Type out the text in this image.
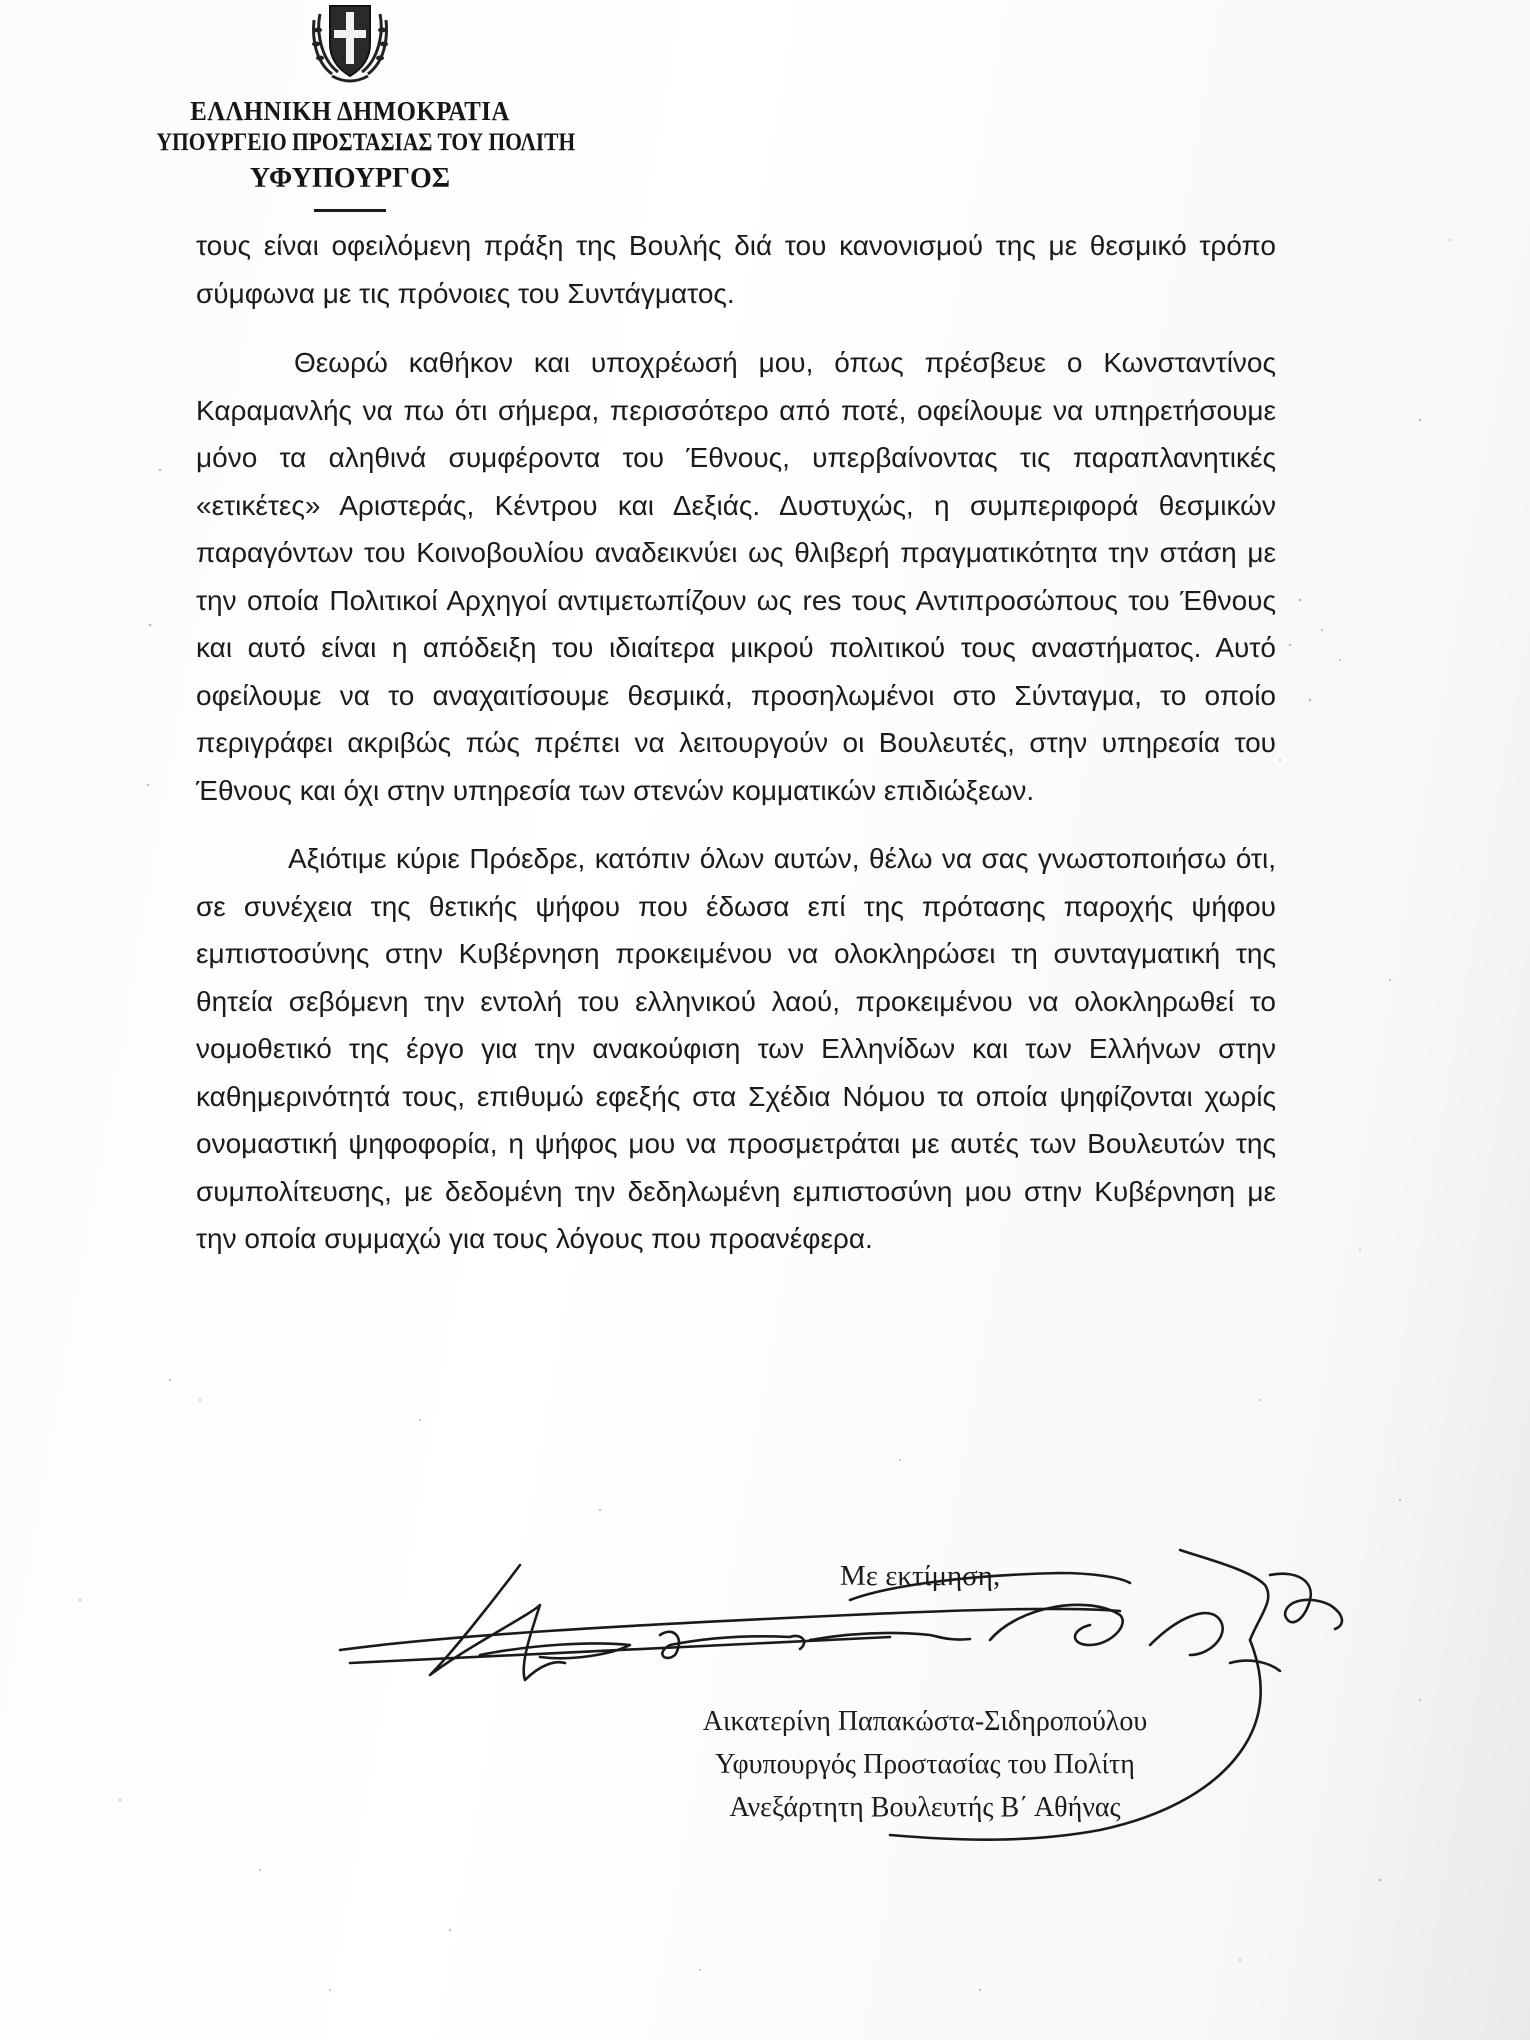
ΕΛΛΗΝΙΚΗ ΔΗΜΟΚΡΑΤΙΑ
ΥΠΟΥΡΓΕΙΟ ΠΡΟΣΤΑΣΙΑΣ ΤΟΥ ΠΟΛΙΤΗ
ΥΦΥΠΟΥΡΓΟΣ

τους είναι οφειλόμενη πράξη της Βουλής διά του κανονισμού της με θεσμικό τρόπο σύμφωνα με τις πρόνοιες του Συντάγματος.

Θεωρώ καθήκον και υποχρέωσή μου, όπως πρέσβευε ο Κωνσταντίνος Καραμανλής να πω ότι σήμερα, περισσότερο από ποτέ, οφείλουμε να υπηρετήσουμε μόνο τα αληθινά συμφέροντα του Έθνους, υπερβαίνοντας τις παραπλανητικές «ετικέτες» Αριστεράς, Κέντρου και Δεξιάς. Δυστυχώς, η συμπεριφορά θεσμικών παραγόντων του Κοινοβουλίου αναδεικνύει ως θλιβερή πραγματικότητα την στάση με την οποία Πολιτικοί Αρχηγοί αντιμετωπίζουν ως res τους Αντιπροσώπους του Έθνους και αυτό είναι η απόδειξη του ιδιαίτερα μικρού πολιτικού τους αναστήματος. Αυτό οφείλουμε να το αναχαιτίσουμε θεσμικά, προσηλωμένοι στο Σύνταγμα, το οποίο περιγράφει ακριβώς πώς πρέπει να λειτουργούν οι Βουλευτές, στην υπηρεσία του Έθνους και όχι στην υπηρεσία των στενών κομματικών επιδιώξεων.

Αξιότιμε κύριε Πρόεδρε, κατόπιν όλων αυτών, θέλω να σας γνωστοποιήσω ότι, σε συνέχεια της θετικής ψήφου που έδωσα επί της πρότασης παροχής ψήφου εμπιστοσύνης στην Κυβέρνηση προκειμένου να ολοκληρώσει τη συνταγματική της θητεία σεβόμενη την εντολή του ελληνικού λαού, προκειμένου να ολοκληρωθεί το νομοθετικό της έργο για την ανακούφιση των Ελληνίδων και των Ελλήνων στην καθημερινότητά τους, επιθυμώ εφεξής στα Σχέδια Νόμου τα οποία ψηφίζονται χωρίς ονομαστική ψηφοφορία, η ψήφος μου να προσμετράται με αυτές των Βουλευτών της συμπολίτευσης, με δεδομένη την δεδηλωμένη εμπιστοσύνη μου στην Κυβέρνηση με την οποία συμμαχώ για τους λόγους που προανέφερα.

Με εκτίμηση,
Αικατερίνη Παπακώστα-Σιδηροπούλου
Υφυπουργός Προστασίας του Πολίτη
Ανεξάρτητη Βουλευτής Β΄ Αθήνας
